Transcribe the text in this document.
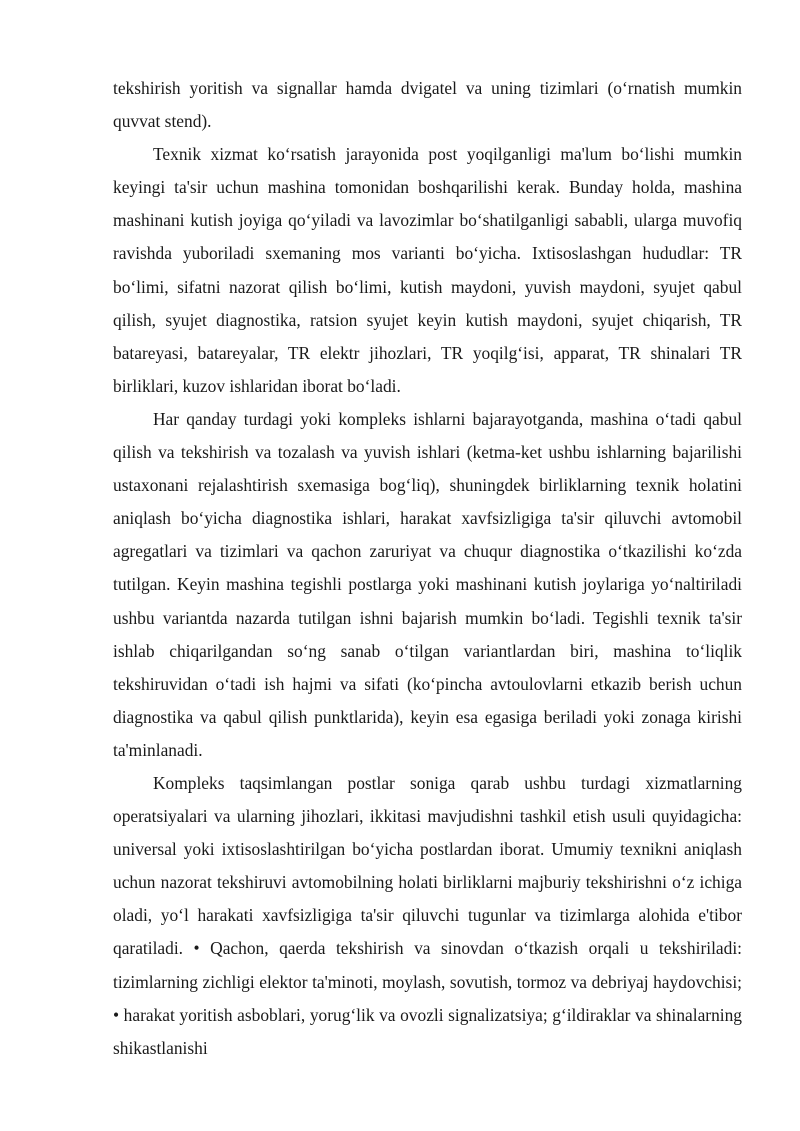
tekshirish yoritish va signallar hamda dvigatel va uning tizimlari (o‘rnatish mumkin quvvat stend).

Texnik xizmat ko‘rsatish jarayonida post yoqilganligi ma'lum bo‘lishi mumkin keyingi ta'sir uchun mashina tomonidan boshqarilishi kerak. Bunday holda, mashina mashinani kutish joyiga qo‘yiladi va lavozimlar bo‘shatilganligi sababli, ularga muvofiq ravishda yuboriladi sxemaning mos varianti bo‘yicha. Ixtisoslashgan hududlar: TR bo‘limi, sifatni nazorat qilish bo‘limi, kutish maydoni, yuvish maydoni, syujet qabul qilish, syujet diagnostika, ratsion syujet keyin kutish maydoni, syujet chiqarish, TR batareyasi, batareyalar, TR elektr jihozlari, TR yoqilg‘isi, apparat, TR shinalari TR birliklari, kuzov ishlaridan iborat bo‘ladi.

Har qanday turdagi yoki kompleks ishlarni bajarayotganda, mashina o‘tadi qabul qilish va tekshirish va tozalash va yuvish ishlari (ketma-ket ushbu ishlarning bajarilishi ustaxonani rejalashtirish sxemasiga bog‘liq), shuningdek birliklarning texnik holatini aniqlash bo‘yicha diagnostika ishlari, harakat xavfsizligiga ta'sir qiluvchi avtomobil agregatlari va tizimlari va qachon zaruriyat va chuqur diagnostika o‘tkazilishi ko‘zda tutilgan. Keyin mashina tegishli postlarga yoki mashinani kutish joylariga yo‘naltiriladi ushbu variantda nazarda tutilgan ishni bajarish mumkin bo‘ladi. Tegishli texnik ta'sir ishlab chiqarilgandan so‘ng sanab o‘tilgan variantlardan biri, mashina to‘liqlik tekshiruvidan o‘tadi ish hajmi va sifati (ko‘pincha avtoulovlarni etkazib berish uchun diagnostika va qabul qilish punktlarida), keyin esa egasiga beriladi yoki zonaga kirishi ta'minlanadi.

Kompleks taqsimlangan postlar soniga qarab ushbu turdagi xizmatlarning operatsiyalari va ularning jihozlari, ikkitasi mavjudishni tashkil etish usuli quyidagicha: universal yoki ixtisoslashtirilgan bo‘yicha postlardan iborat. Umumiy texnikni aniqlash uchun nazorat tekshiruvi avtomobilning holati birliklarni majburiy tekshirishni o‘z ichiga oladi, yo‘l harakati xavfsizligiga ta'sir qiluvchi tugunlar va tizimlarga alohida e'tibor qaratiladi. • Qachon, qaerda tekshirish va sinovdan o‘tkazish orqali u tekshiriladi: tizimlarning zichligi elektor ta'minoti, moylash, sovutish, tormoz va debriyaj haydovchisi; • harakat yoritish asboblari, yorug‘lik va ovozli signalizatsiya; g‘ildiraklar va shinalarning shikastlanishi
